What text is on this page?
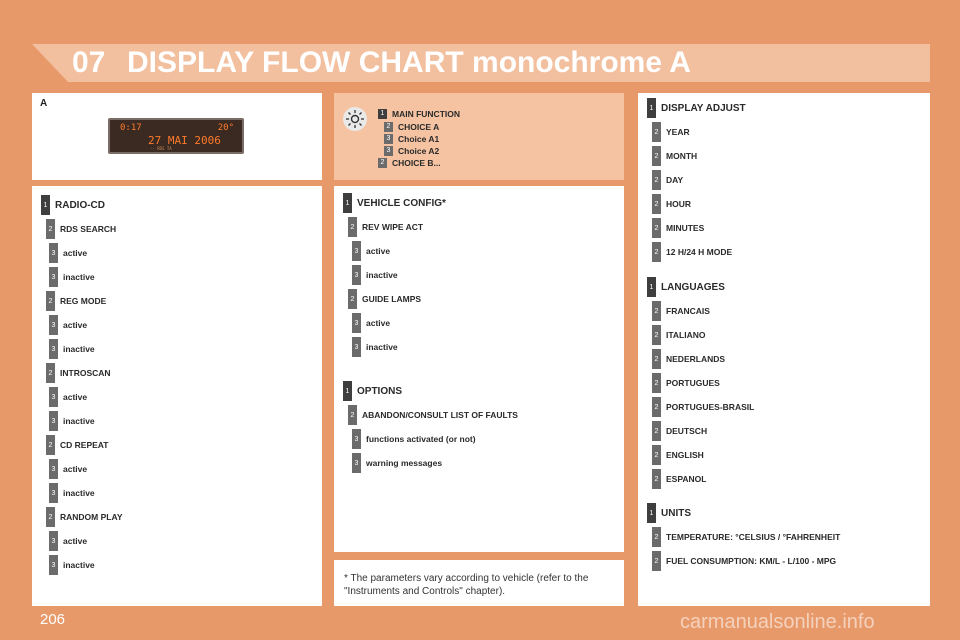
07 DISPLAY FLOW CHART monochrome A
A
0:17	20°
27 MAI 2006
·· RDS TA
1 MAIN FUNCTION
2 CHOICE A
3 Choice A1
3 Choice A2
2 CHOICE B...
1 RADIO-CD
2 RDS SEARCH
3 active
3 inactive
2 REG MODE
3 active
3 inactive
2 INTROSCAN
3 active
3 inactive
2 CD REPEAT
3 active
3 inactive
2 RANDOM PLAY
3 active
3 inactive
1 VEHICLE CONFIG*
2 REV WIPE ACT
3 active
3 inactive
2 GUIDE LAMPS
3 active
3 inactive
1 OPTIONS
2 ABANDON/CONSULT LIST OF FAULTS
3 functions activated (or not)
3 warning messages
* The parameters vary according to vehicle (refer to the "Instruments and Controls" chapter).
1 DISPLAY ADJUST
2 YEAR
2 MONTH
2 DAY
2 HOUR
2 MINUTES
2 12 H/24 H MODE
1 LANGUAGES
2 FRANCAIS
2 ITALIANO
2 NEDERLANDS
2 PORTUGUES
2 PORTUGUES-BRASIL
2 DEUTSCH
2 ENGLISH
2 ESPANOL
1 UNITS
2 TEMPERATURE: °CELSIUS / °FAHRENHEIT
2 FUEL CONSUMPTION: KM/L - L/100 - MPG
206	carmanualsonline.info
